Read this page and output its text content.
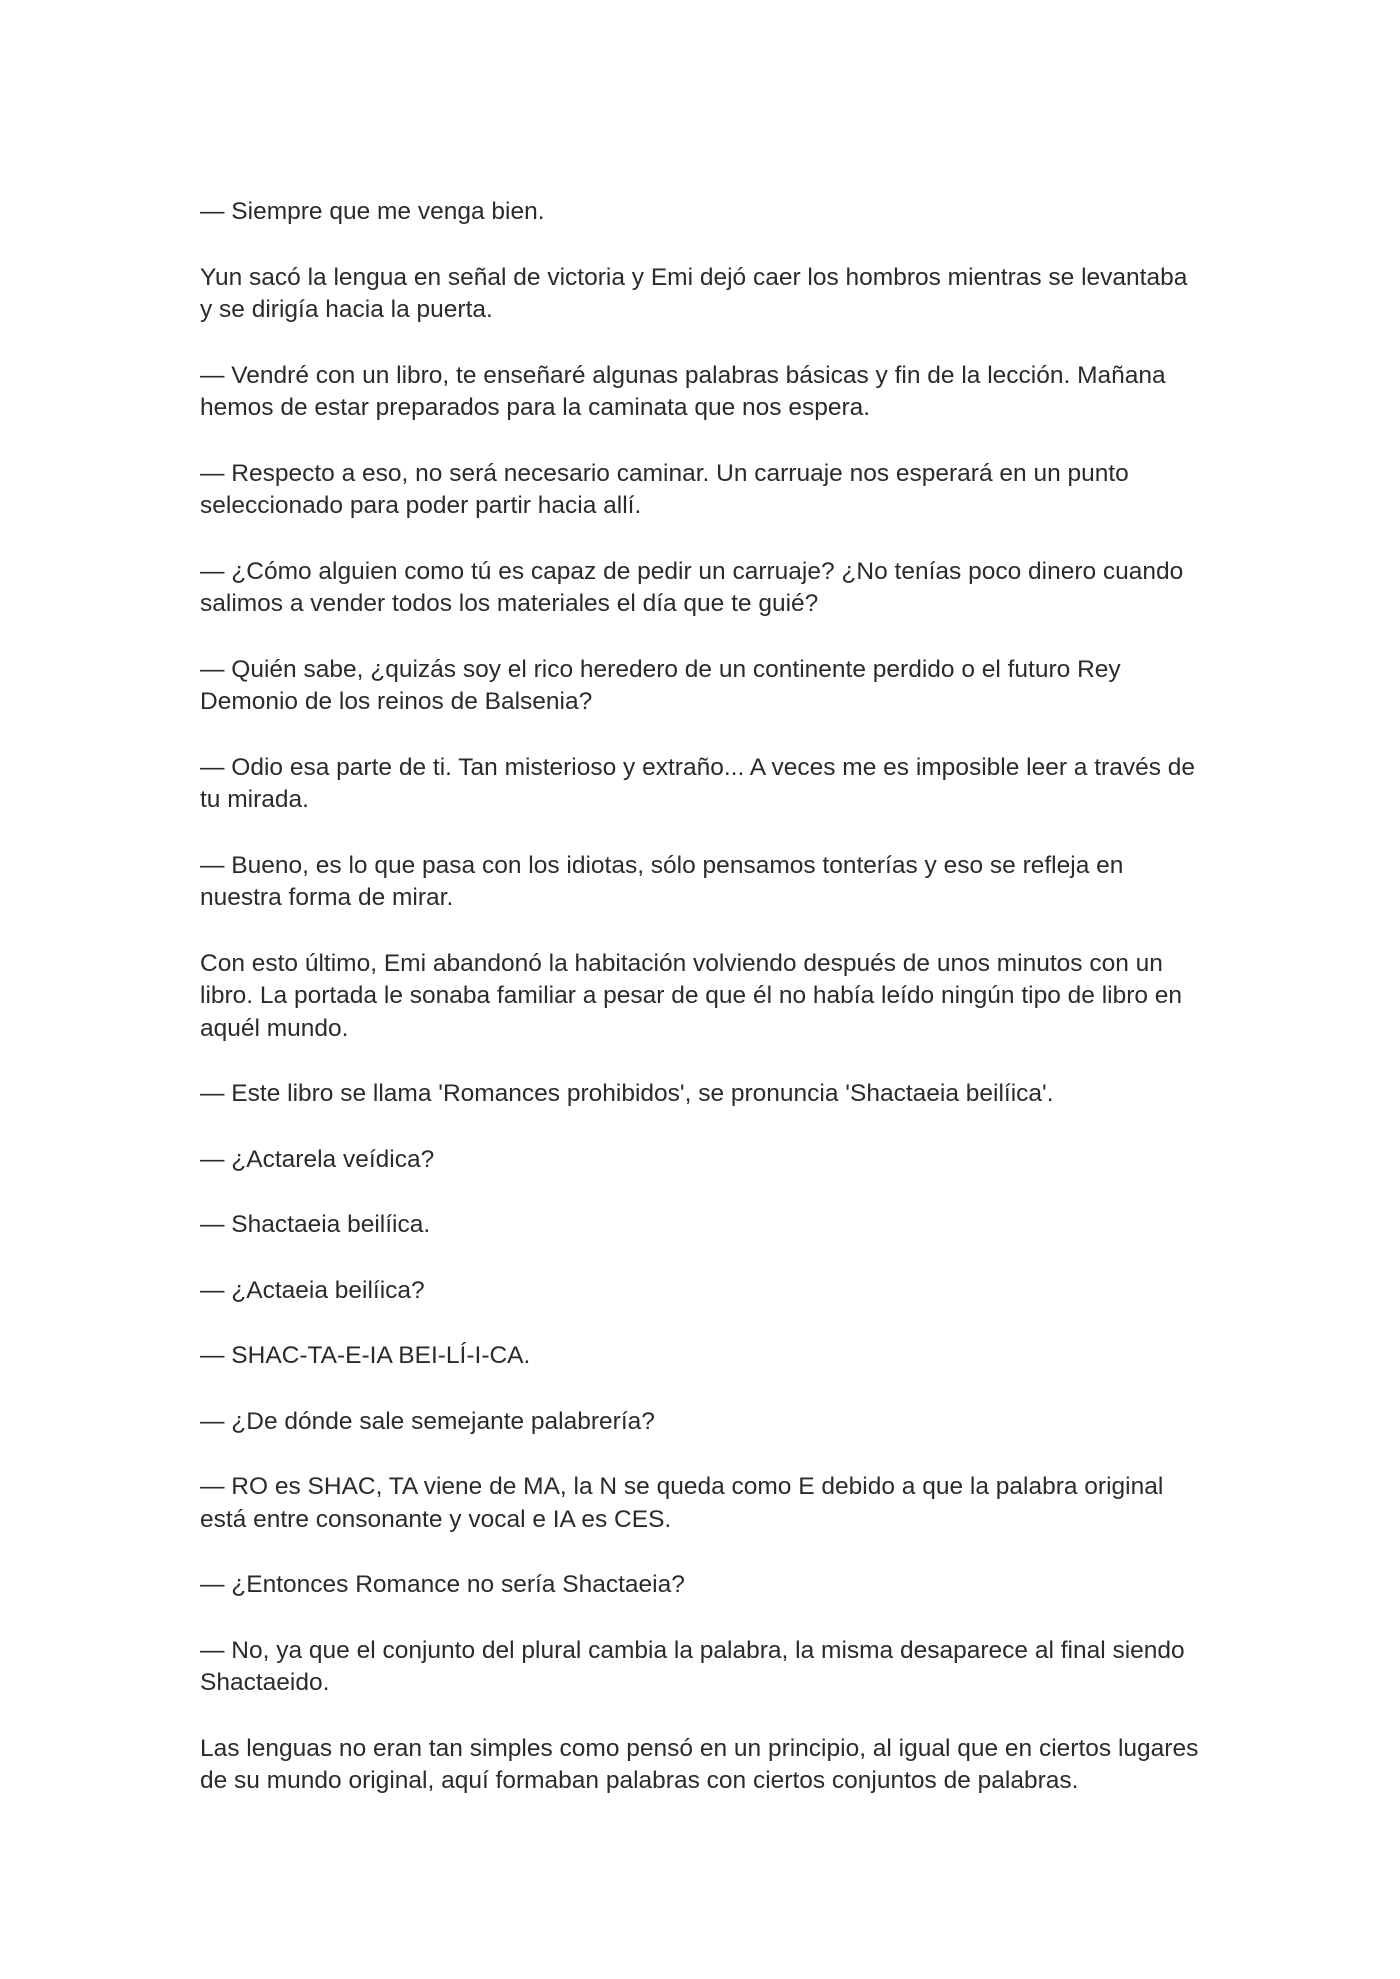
— Siempre que me venga bien.

Yun sacó la lengua en señal de victoria y Emi dejó caer los hombros mientras se levantaba y se dirigía hacia la puerta.

— Vendré con un libro, te enseñaré algunas palabras básicas y fin de la lección. Mañana hemos de estar preparados para la caminata que nos espera.

— Respecto a eso, no será necesario caminar. Un carruaje nos esperará en un punto seleccionado para poder partir hacia allí.

— ¿Cómo alguien como tú es capaz de pedir un carruaje? ¿No tenías poco dinero cuando salimos a vender todos los materiales el día que te guié?

— Quién sabe, ¿quizás soy el rico heredero de un continente perdido o el futuro Rey Demonio de los reinos de Balsenia?

— Odio esa parte de ti. Tan misterioso y extraño... A veces me es imposible leer a través de tu mirada.

— Bueno, es lo que pasa con los idiotas, sólo pensamos tonterías y eso se refleja en nuestra forma de mirar.

Con esto último, Emi abandonó la habitación volviendo después de unos minutos con un libro. La portada le sonaba familiar a pesar de que él no había leído ningún tipo de libro en aquél mundo.

— Este libro se llama 'Romances prohibidos', se pronuncia 'Shactaeia beilíica'.

— ¿Actarela veídica?

— Shactaeia beilíica.

— ¿Actaeia beilíica?

— SHAC-TA-E-IA BEI-LÍ-I-CA.

— ¿De dónde sale semejante palabrería?

— RO es SHAC, TA viene de MA, la N se queda como E debido a que la palabra original está entre consonante y vocal e IA es CES.

— ¿Entonces Romance no sería Shactaeia?

— No, ya que el conjunto del plural cambia la palabra, la misma desaparece al final siendo Shactaeido.

Las lenguas no eran tan simples como pensó en un principio, al igual que en ciertos lugares de su mundo original, aquí formaban palabras con ciertos conjuntos de palabras.
